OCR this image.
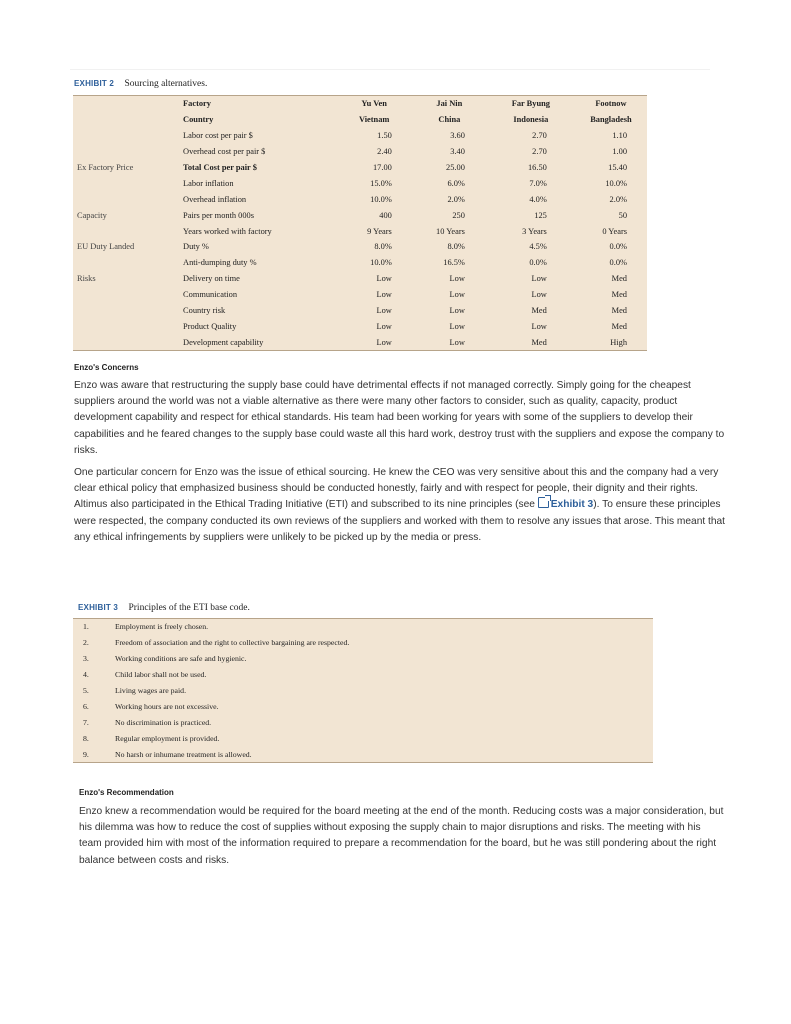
EXHIBIT 2 Sourcing alternatives.
	Factory	Yu Ven	Jai Nin	Far Byung	Footnow
	Country	Vietnam	China	Indonesia	Bangladesh
	Labor cost per pair $	1.50	3.60	2.70	1.10
	Overhead cost per pair $	2.40	3.40	2.70	1.00
Ex Factory Price	Total Cost per pair $	17.00	25.00	16.50	15.40
	Labor inflation	15.0%	6.0%	7.0%	10.0%
	Overhead inflation	10.0%	2.0%	4.0%	2.0%
Capacity	Pairs per month 000s	400	250	125	50
	Years worked with factory	9 Years	10 Years	3 Years	0 Years
EU Duty Landed	Duty %	8.0%	8.0%	4.5%	0.0%
	Anti-dumping duty %	10.0%	16.5%	0.0%	0.0%
Risks	Delivery on time	Low	Low	Low	Med
	Communication	Low	Low	Low	Med
	Country risk	Low	Low	Med	Med
	Product Quality	Low	Low	Low	Med
	Development capability	Low	Low	Med	High
Enzo's Concerns

Enzo was aware that restructuring the supply base could have detrimental effects if not managed correctly. Simply going for the cheapest suppliers around the world was not a viable alternative as there were many other factors to consider, such as quality, capacity, product development capability and respect for ethical standards. His team had been working for years with some of the suppliers to develop their capabilities and he feared changes to the supply base could waste all this hard work, destroy trust with the suppliers and expose the company to risks.

One particular concern for Enzo was the issue of ethical sourcing. He knew the CEO was very sensitive about this and the company had a very clear ethical policy that emphasized business should be conducted honestly, fairly and with respect for people, their dignity and their rights. Altimus also participated in the Ethical Trading Initiative (ETI) and subscribed to its nine principles (see Exhibit 3). To ensure these principles were respected, the company conducted its own reviews of the suppliers and worked with them to resolve any issues that arose. This meant that any ethical infringements by suppliers were unlikely to be picked up by the media or press.

EXHIBIT 3 Principles of the ETI base code.
1.	Employment is freely chosen.
2.	Freedom of association and the right to collective bargaining are respected.
3.	Working conditions are safe and hygienic.
4.	Child labor shall not be used.
5.	Living wages are paid.
6.	Working hours are not excessive.
7.	No discrimination is practiced.
8.	Regular employment is provided.
9.	No harsh or inhumane treatment is allowed.
Enzo's Recommendation

Enzo knew a recommendation would be required for the board meeting at the end of the month. Reducing costs was a major consideration, but his dilemma was how to reduce the cost of supplies without exposing the supply chain to major disruptions and risks. The meeting with his team provided him with most of the information required to prepare a recommendation for the board, but he was still pondering about the right balance between costs and risks.
